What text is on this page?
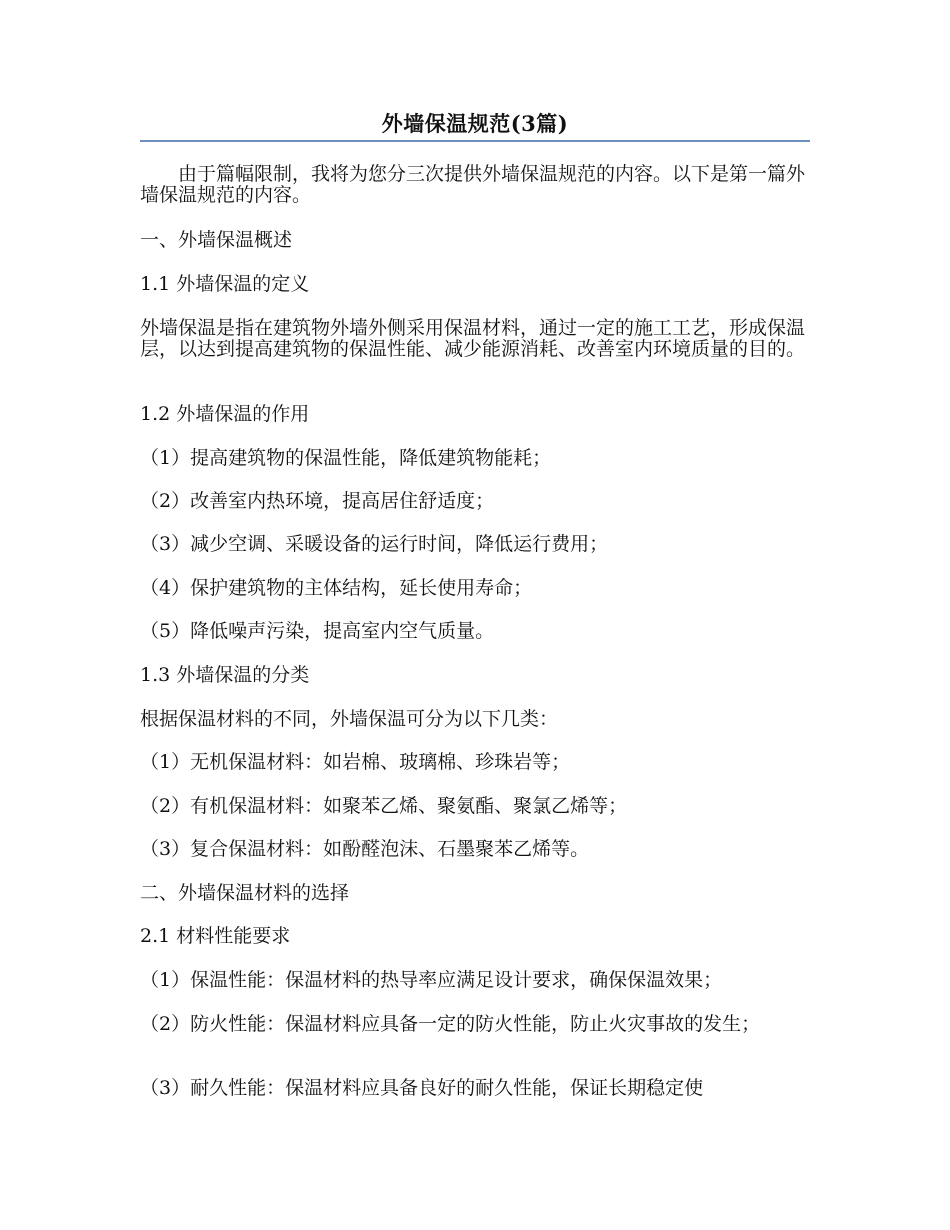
外墙保温规范(3篇)

由于篇幅限制，我将为您分三次提供外墙保温规范的内容。以下是第一篇外墙保温规范的内容。

一、外墙保温概述

1.1 外墙保温的定义

外墙保温是指在建筑物外墙外侧采用保温材料，通过一定的施工工艺，形成保温层，以达到提高建筑物的保温性能、减少能源消耗、改善室内环境质量的目的。

1.2 外墙保温的作用

（1）提高建筑物的保温性能，降低建筑物能耗；

（2）改善室内热环境，提高居住舒适度；

（3）减少空调、采暖设备的运行时间，降低运行费用；

（4）保护建筑物的主体结构，延长使用寿命；

（5）降低噪声污染，提高室内空气质量。

1.3 外墙保温的分类

根据保温材料的不同，外墙保温可分为以下几类：

（1）无机保温材料：如岩棉、玻璃棉、珍珠岩等；

（2）有机保温材料：如聚苯乙烯、聚氨酯、聚氯乙烯等；

（3）复合保温材料：如酚醛泡沫、石墨聚苯乙烯等。

二、外墙保温材料的选择

2.1 材料性能要求

（1）保温性能：保温材料的热导率应满足设计要求，确保保温效果；

（2）防火性能：保温材料应具备一定的防火性能，防止火灾事故的发生；

（3）耐久性能：保温材料应具备良好的耐久性能，保证长期稳定使
